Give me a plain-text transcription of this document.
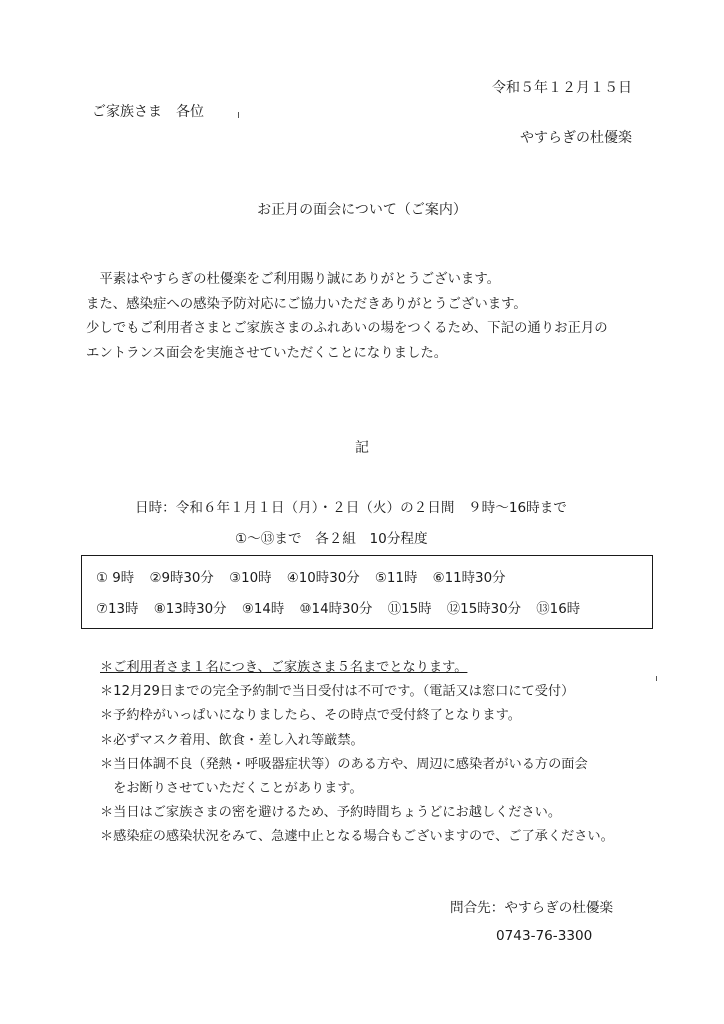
令和５年１２月１５日
ご家族さま　各位
やすらぎの杜優楽
お正月の面会について（ご案内）
　平素はやすらぎの杜優楽をご利用賜り誠にありがとうございます。
また、感染症への感染予防対応にご協力いただきありがとうございます。
少しでもご利用者さまとご家族さまのふれあいの場をつくるため、下記の通りお正月の
エントランス面会を実施させていただくことになりました。
記
日時：令和６年１月１日（月）・２日（火）の２日間　９時～16時まで
①～⑬まで　各２組　10分程度
① 9時 ②9時30分 ③10時 ④10時30分 ⑤11時 ⑥11時30分
⑦13時 ⑧13時30分 ⑨14時 ⑩14時30分 ⑪15時 ⑫15時30分 ⑬16時
＊ご利用者さま１名につき、ご家族さま５名までとなります。
＊12月29日までの完全予約制で当日受付は不可です。（電話又は窓口にて受付）
＊予約枠がいっぱいになりましたら、その時点で受付終了となります。
＊必ずマスク着用、飲食・差し入れ等厳禁。
＊当日体調不良（発熱・呼吸器症状等）のある方や、周辺に感染者がいる方の面会
　をお断りさせていただくことがあります。
＊当日はご家族さまの密を避けるため、予約時間ちょうどにお越しください。
＊感染症の感染状況をみて、急遽中止となる場合もございますので、ご了承ください。
問合先：やすらぎの杜優楽
0743-76-3300
